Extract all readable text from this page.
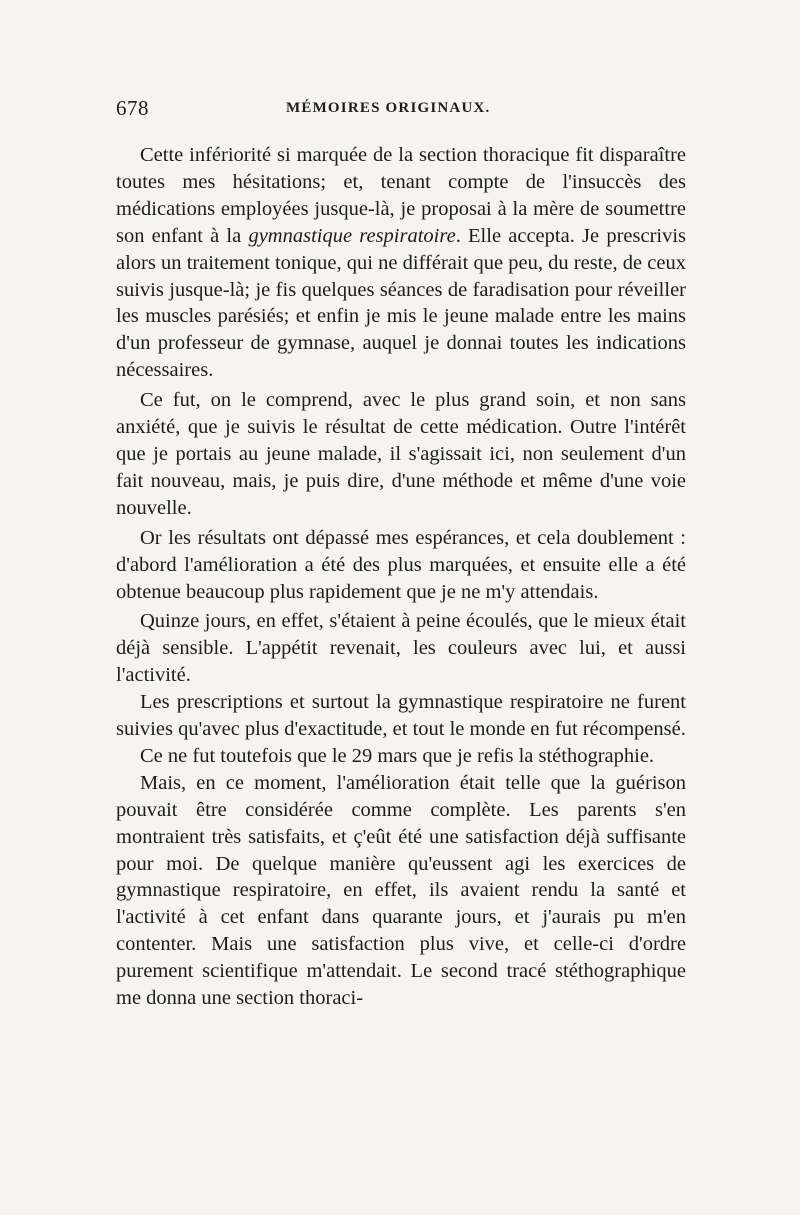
678	MÉMOIRES ORIGINAUX.

Cette infériorité si marquée de la section thoracique fit disparaître toutes mes hésitations; et, tenant compte de l'insuccès des médications employées jusque-là, je proposai à la mère de soumettre son enfant à la gymnastique respiratoire. Elle accepta. Je prescrivis alors un traitement tonique, qui ne différait que peu, du reste, de ceux suivis jusque-là; je fis quelques séances de faradisation pour réveiller les muscles parésiés; et enfin je mis le jeune malade entre les mains d'un professeur de gymnase, auquel je donnai toutes les indications nécessaires.

Ce fut, on le comprend, avec le plus grand soin, et non sans anxiété, que je suivis le résultat de cette médication. Outre l'intérêt que je portais au jeune malade, il s'agissait ici, non seulement d'un fait nouveau, mais, je puis dire, d'une méthode et même d'une voie nouvelle.

Or les résultats ont dépassé mes espérances, et cela doublement : d'abord l'amélioration a été des plus marquées, et ensuite elle a été obtenue beaucoup plus rapidement que je ne m'y attendais.

Quinze jours, en effet, s'étaient à peine écoulés, que le mieux était déjà sensible. L'appétit revenait, les couleurs avec lui, et aussi l'activité.

Les prescriptions et surtout la gymnastique respiratoire ne furent suivies qu'avec plus d'exactitude, et tout le monde en fut récompensé.

Ce ne fut toutefois que le 29 mars que je refis la stéthographie.

Mais, en ce moment, l'amélioration était telle que la guérison pouvait être considérée comme complète. Les parents s'en montraient très satisfaits, et ç'eût été une satisfaction déjà suffisante pour moi. De quelque manière qu'eussent agi les exercices de gymnastique respiratoire, en effet, ils avaient rendu la santé et l'activité à cet enfant dans quarante jours, et j'aurais pu m'en contenter. Mais une satisfaction plus vive, et celle-ci d'ordre purement scientifique m'attendait. Le second tracé stéthographique me donna une section thoraci-
